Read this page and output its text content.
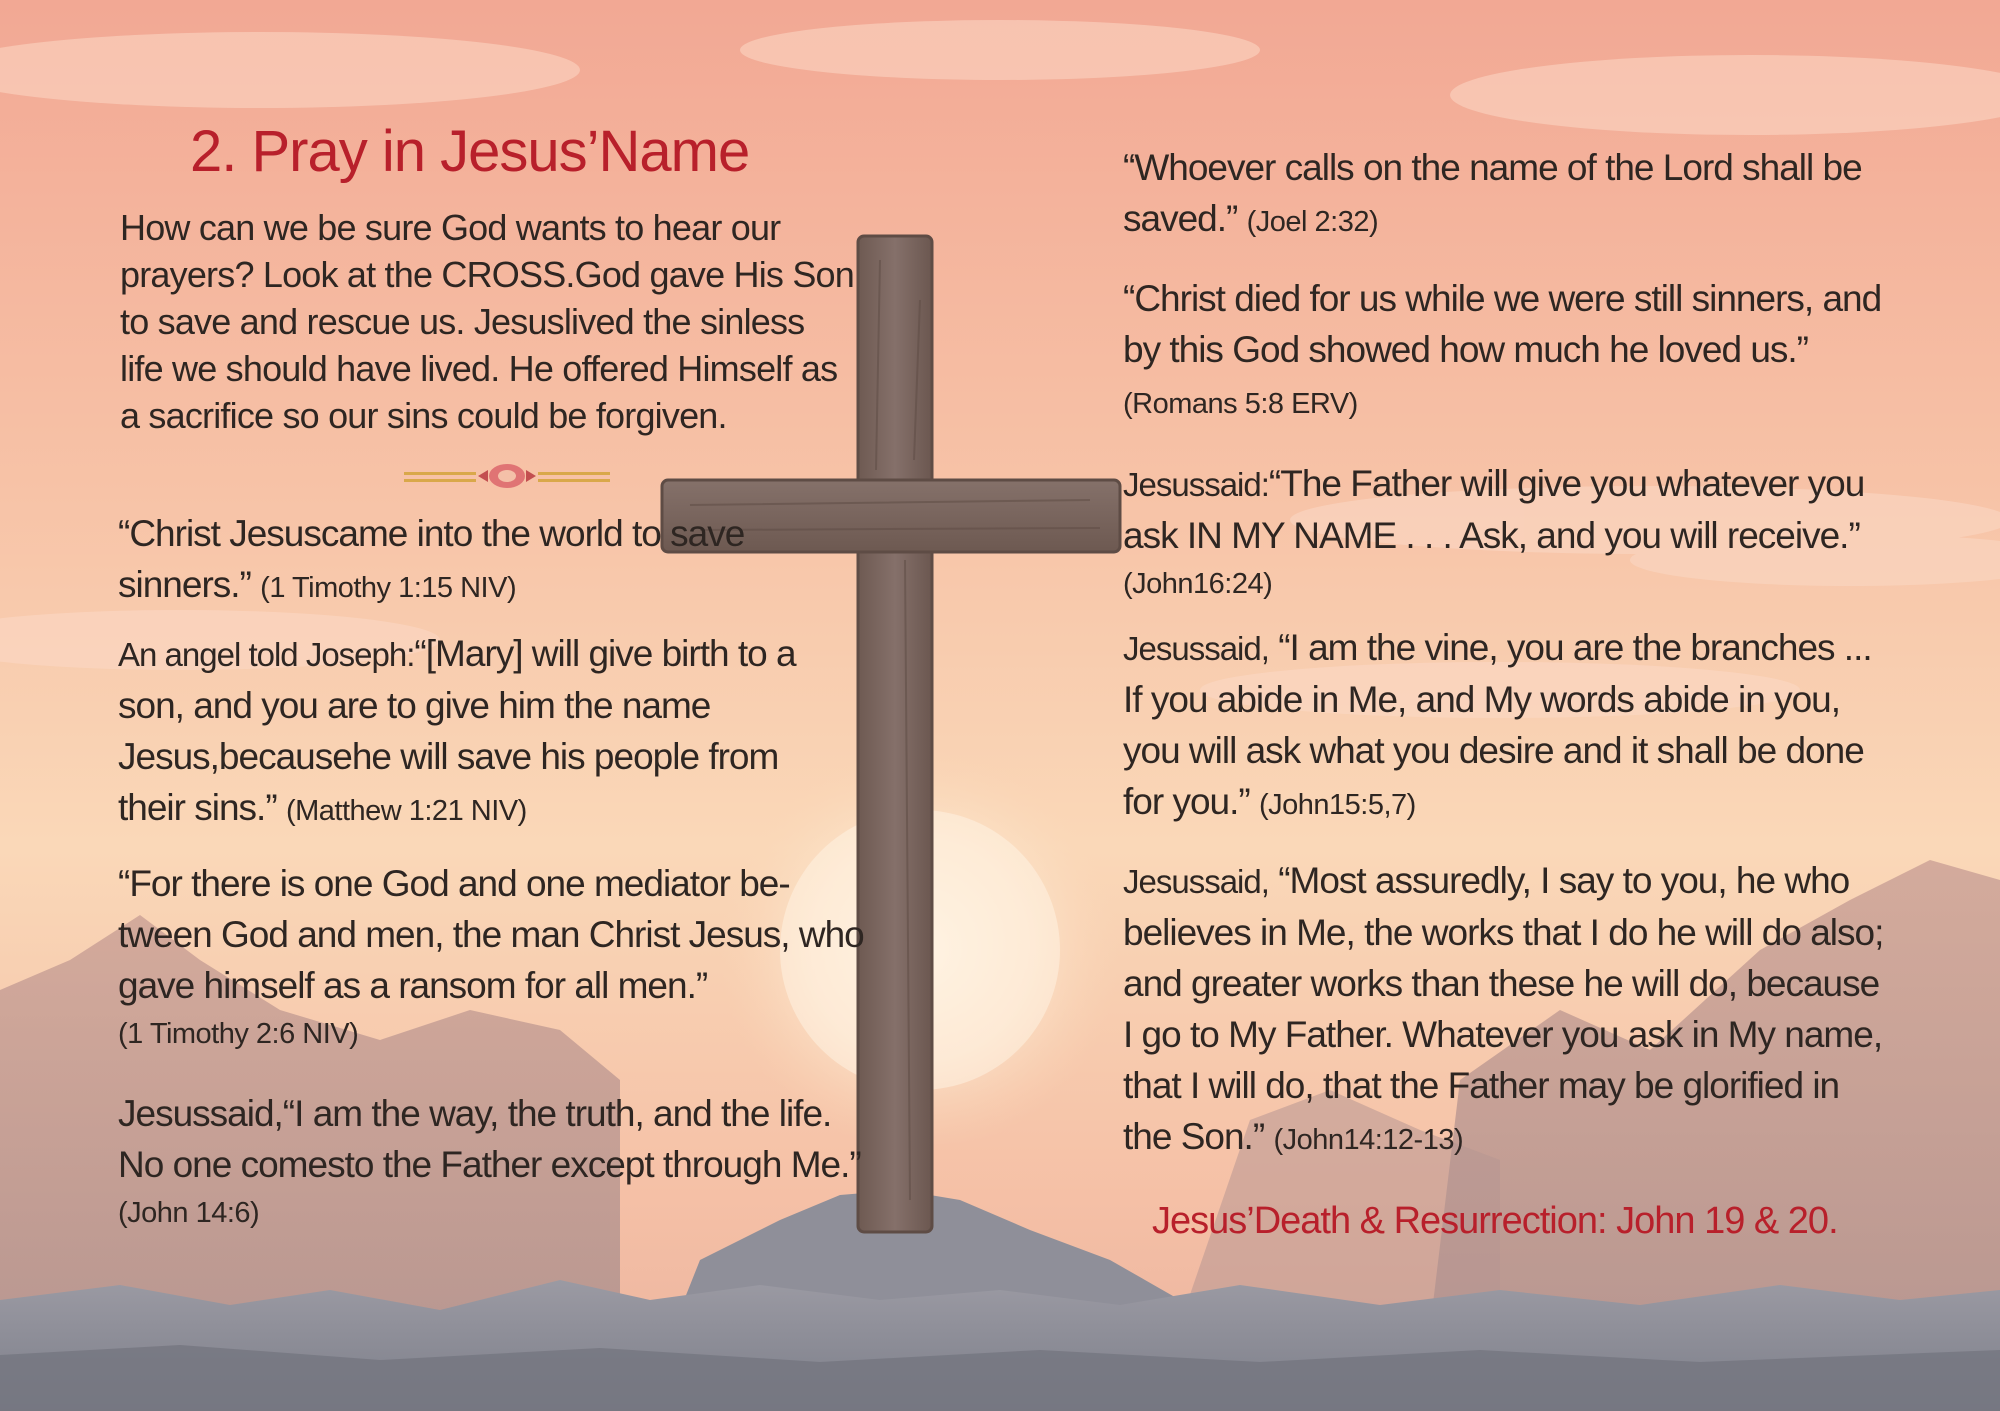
2. Pray in Jesus’Name

How can we be sure God wants to hear our prayers? Look at the CROSS.God gave His Son to save and rescue us. Jesuslived the sinless life we should have lived. He offered Himself as a sacrifice so our sins could be forgiven.

“Christ Jesuscame into the world to save sinners.” (1 Timothy 1:15 NIV)

An angel told Joseph:“[Mary] will give birth to a son, and you are to give him the name Jesus,becausehe will save his people from their sins.” (Matthew 1:21 NIV)

“For there is one God and one mediator be-tween God and men, the man Christ Jesus, who gave himself as a ransom for all men.”
(1 Timothy 2:6 NIV)

Jesussaid,“I am the way, the truth, and the life. No one comesto the Father except through Me.”
(John 14:6)

“Whoever calls on the name of the Lord shall be saved.” (Joel 2:32)

“Christ died for us while we were still sinners, and by this God showed how much he loved us.” (Romans 5:8 ERV)

Jesussaid:“The Father will give you whatever you ask IN MY NAME . . . Ask, and you will receive.”
(John16:24)

Jesussaid, “I am the vine, you are the branches ... If you abide in Me, and My words abide in you, you will ask what you desire and it shall be done for you.” (John15:5,7)

Jesussaid, “Most assuredly, I say to you, he who believes in Me, the works that I do he will do also; and greater works than these he will do, because I go to My Father. Whatever you ask in My name, that I will do, that the Father may be glorified in the Son.” (John14:12-13)

Jesus’Death & Resurrection: John 19 & 20.
